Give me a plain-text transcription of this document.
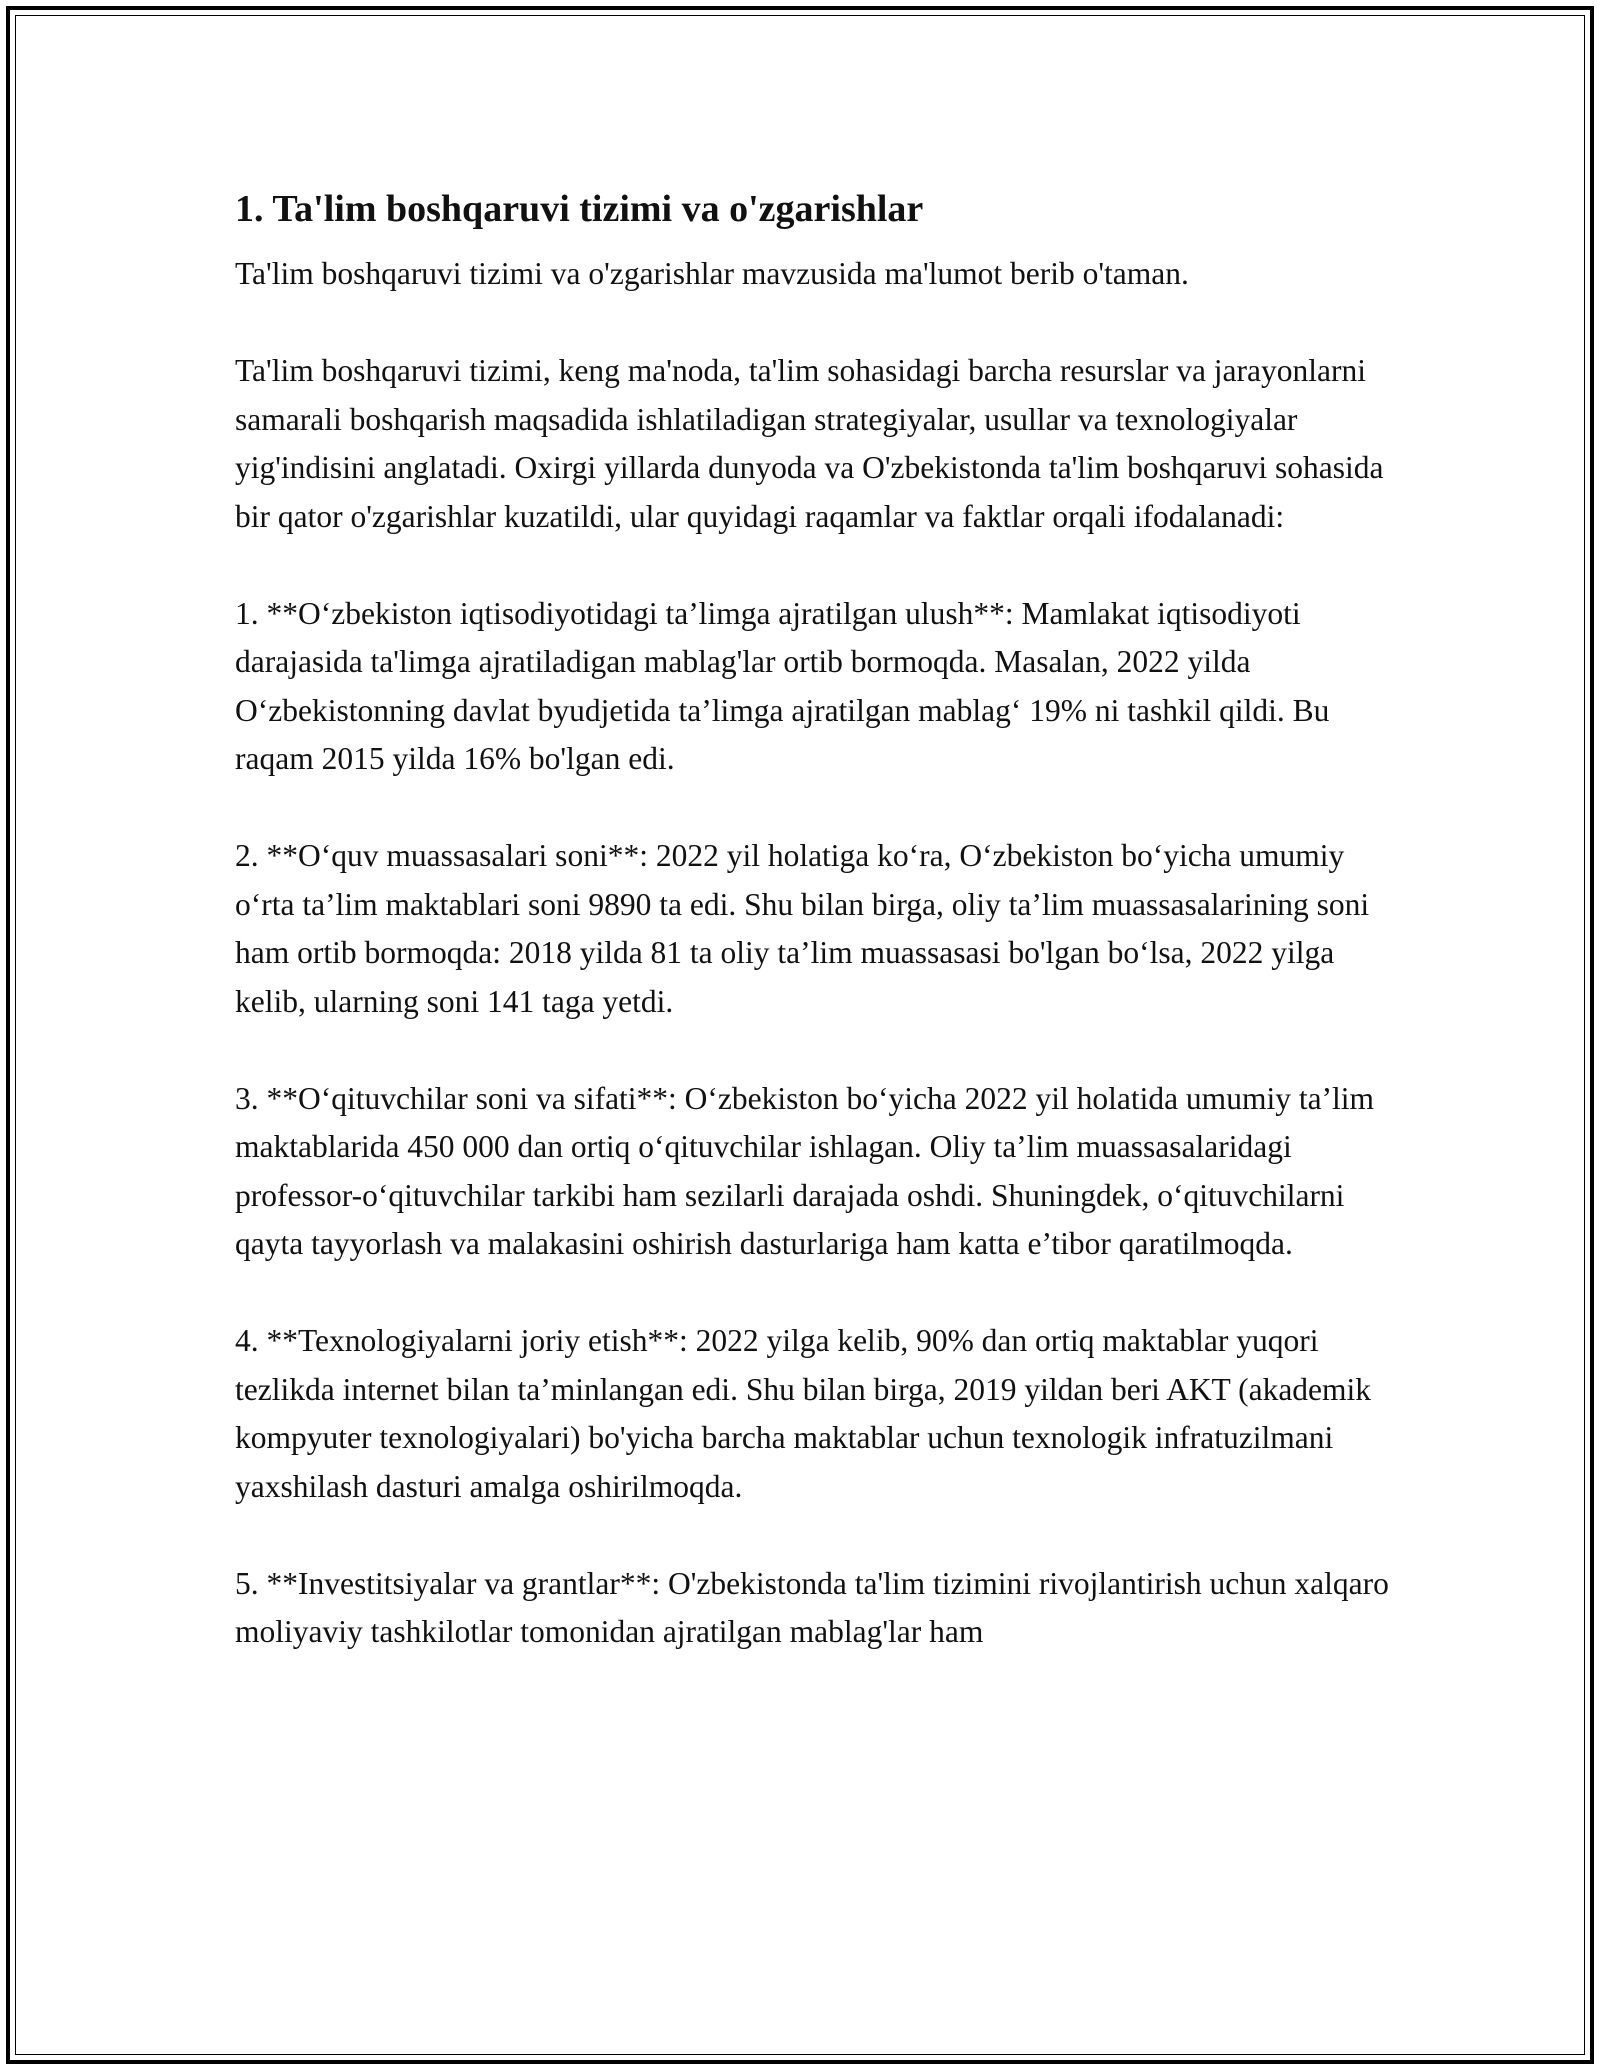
1. Ta'lim boshqaruvi tizimi va o'zgarishlar

Ta'lim boshqaruvi tizimi va o'zgarishlar mavzusida ma'lumot berib o'taman.

Ta'lim boshqaruvi tizimi, keng ma'noda, ta'lim sohasidagi barcha resurslar va jarayonlarni samarali boshqarish maqsadida ishlatiladigan strategiyalar, usullar va texnologiyalar yig'indisini anglatadi. Oxirgi yillarda dunyoda va O'zbekistonda ta'lim boshqaruvi sohasida bir qator o'zgarishlar kuzatildi, ular quyidagi raqamlar va faktlar orqali ifodalanadi:

1. **O‘zbekiston iqtisodiyotidagi ta’limga ajratilgan ulush**: Mamlakat iqtisodiyoti darajasida ta'limga ajratiladigan mablag'lar ortib bormoqda. Masalan, 2022 yilda O‘zbekistonning davlat byudjetida ta’limga ajratilgan mablag‘ 19% ni tashkil qildi. Bu raqam 2015 yilda 16% bo'lgan edi.

2. **O‘quv muassasalari soni**: 2022 yil holatiga ko‘ra, O‘zbekiston bo‘yicha umumiy o‘rta ta’lim maktablari soni 9890 ta edi. Shu bilan birga, oliy ta’lim muassasalarining soni ham ortib bormoqda: 2018 yilda 81 ta oliy ta’lim muassasasi bo'lgan bo‘lsa, 2022 yilga kelib, ularning soni 141 taga yetdi.

3. **O‘qituvchilar soni va sifati**: O‘zbekiston bo‘yicha 2022 yil holatida umumiy ta’lim maktablarida 450 000 dan ortiq o‘qituvchilar ishlagan. Oliy ta’lim muassasalaridagi professor-o‘qituvchilar tarkibi ham sezilarli darajada oshdi. Shuningdek, o‘qituvchilarni qayta tayyorlash va malakasini oshirish dasturlariga ham katta e’tibor qaratilmoqda.

4. **Texnologiyalarni joriy etish**: 2022 yilga kelib, 90% dan ortiq maktablar yuqori tezlikda internet bilan ta’minlangan edi. Shu bilan birga, 2019 yildan beri AKT (akademik kompyuter texnologiyalari) bo'yicha barcha maktablar uchun texnologik infratuzilmani yaxshilash dasturi amalga oshirilmoqda.

5. **Investitsiyalar va grantlar**: O'zbekistonda ta'lim tizimini rivojlantirish uchun xalqaro moliyaviy tashkilotlar tomonidan ajratilgan mablag'lar ham
